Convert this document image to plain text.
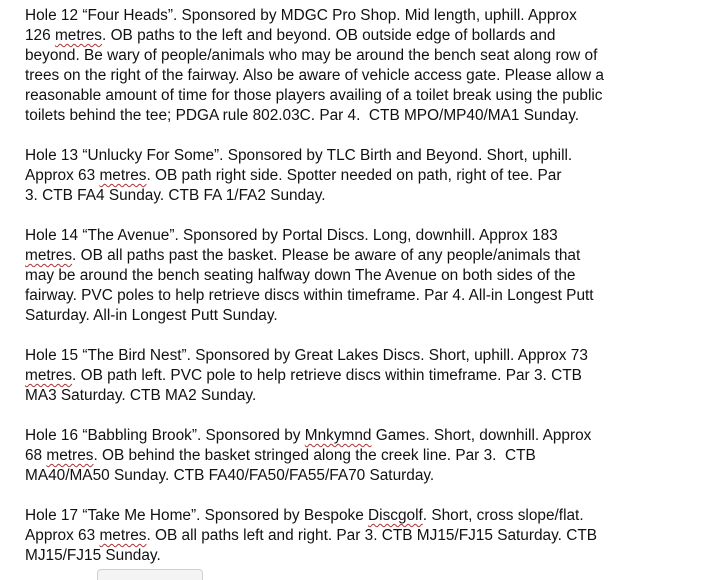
Hole 12 “Four Heads”. Sponsored by MDGC Pro Shop. Mid length, uphill. Approx
126 metres. OB paths to the left and beyond. OB outside edge of bollards and
beyond. Be wary of people/animals who may be around the bench seat along row of
trees on the right of the fairway. Also be aware of vehicle access gate. Please allow a
reasonable amount of time for those players availing of a toilet break using the public
toilets behind the tee; PDGA rule 802.03C. Par 4.  CTB MPO/MP40/MA1 Sunday.
Hole 13 “Unlucky For Some”. Sponsored by TLC Birth and Beyond. Short, uphill.
Approx 63 metres. OB path right side. Spotter needed on path, right of tee. Par
3. CTB FA4 Sunday. CTB FA 1/FA2 Sunday.
Hole 14 “The Avenue”. Sponsored by Portal Discs. Long, downhill. Approx 183
metres. OB all paths past the basket. Please be aware of any people/animals that
may be around the bench seating halfway down The Avenue on both sides of the
fairway. PVC poles to help retrieve discs within timeframe. Par 4. All-in Longest Putt
Saturday. All-in Longest Putt Sunday.
Hole 15 “The Bird Nest”. Sponsored by Great Lakes Discs. Short, uphill. Approx 73
metres. OB path left. PVC pole to help retrieve discs within timeframe. Par 3. CTB
MA3 Saturday. CTB MA2 Sunday.
Hole 16 “Babbling Brook”. Sponsored by Mnkymnd Games. Short, downhill. Approx
68 metres. OB behind the basket stringed along the creek line. Par 3.  CTB
MA40/MA50 Sunday. CTB FA40/FA50/FA55/FA70 Saturday.
Hole 17 “Take Me Home”. Sponsored by Bespoke Discgolf. Short, cross slope/flat.
Approx 63 metres. OB all paths left and right. Par 3. CTB MJ15/FJ15 Saturday. CTB
MJ15/FJ15 Sunday.
